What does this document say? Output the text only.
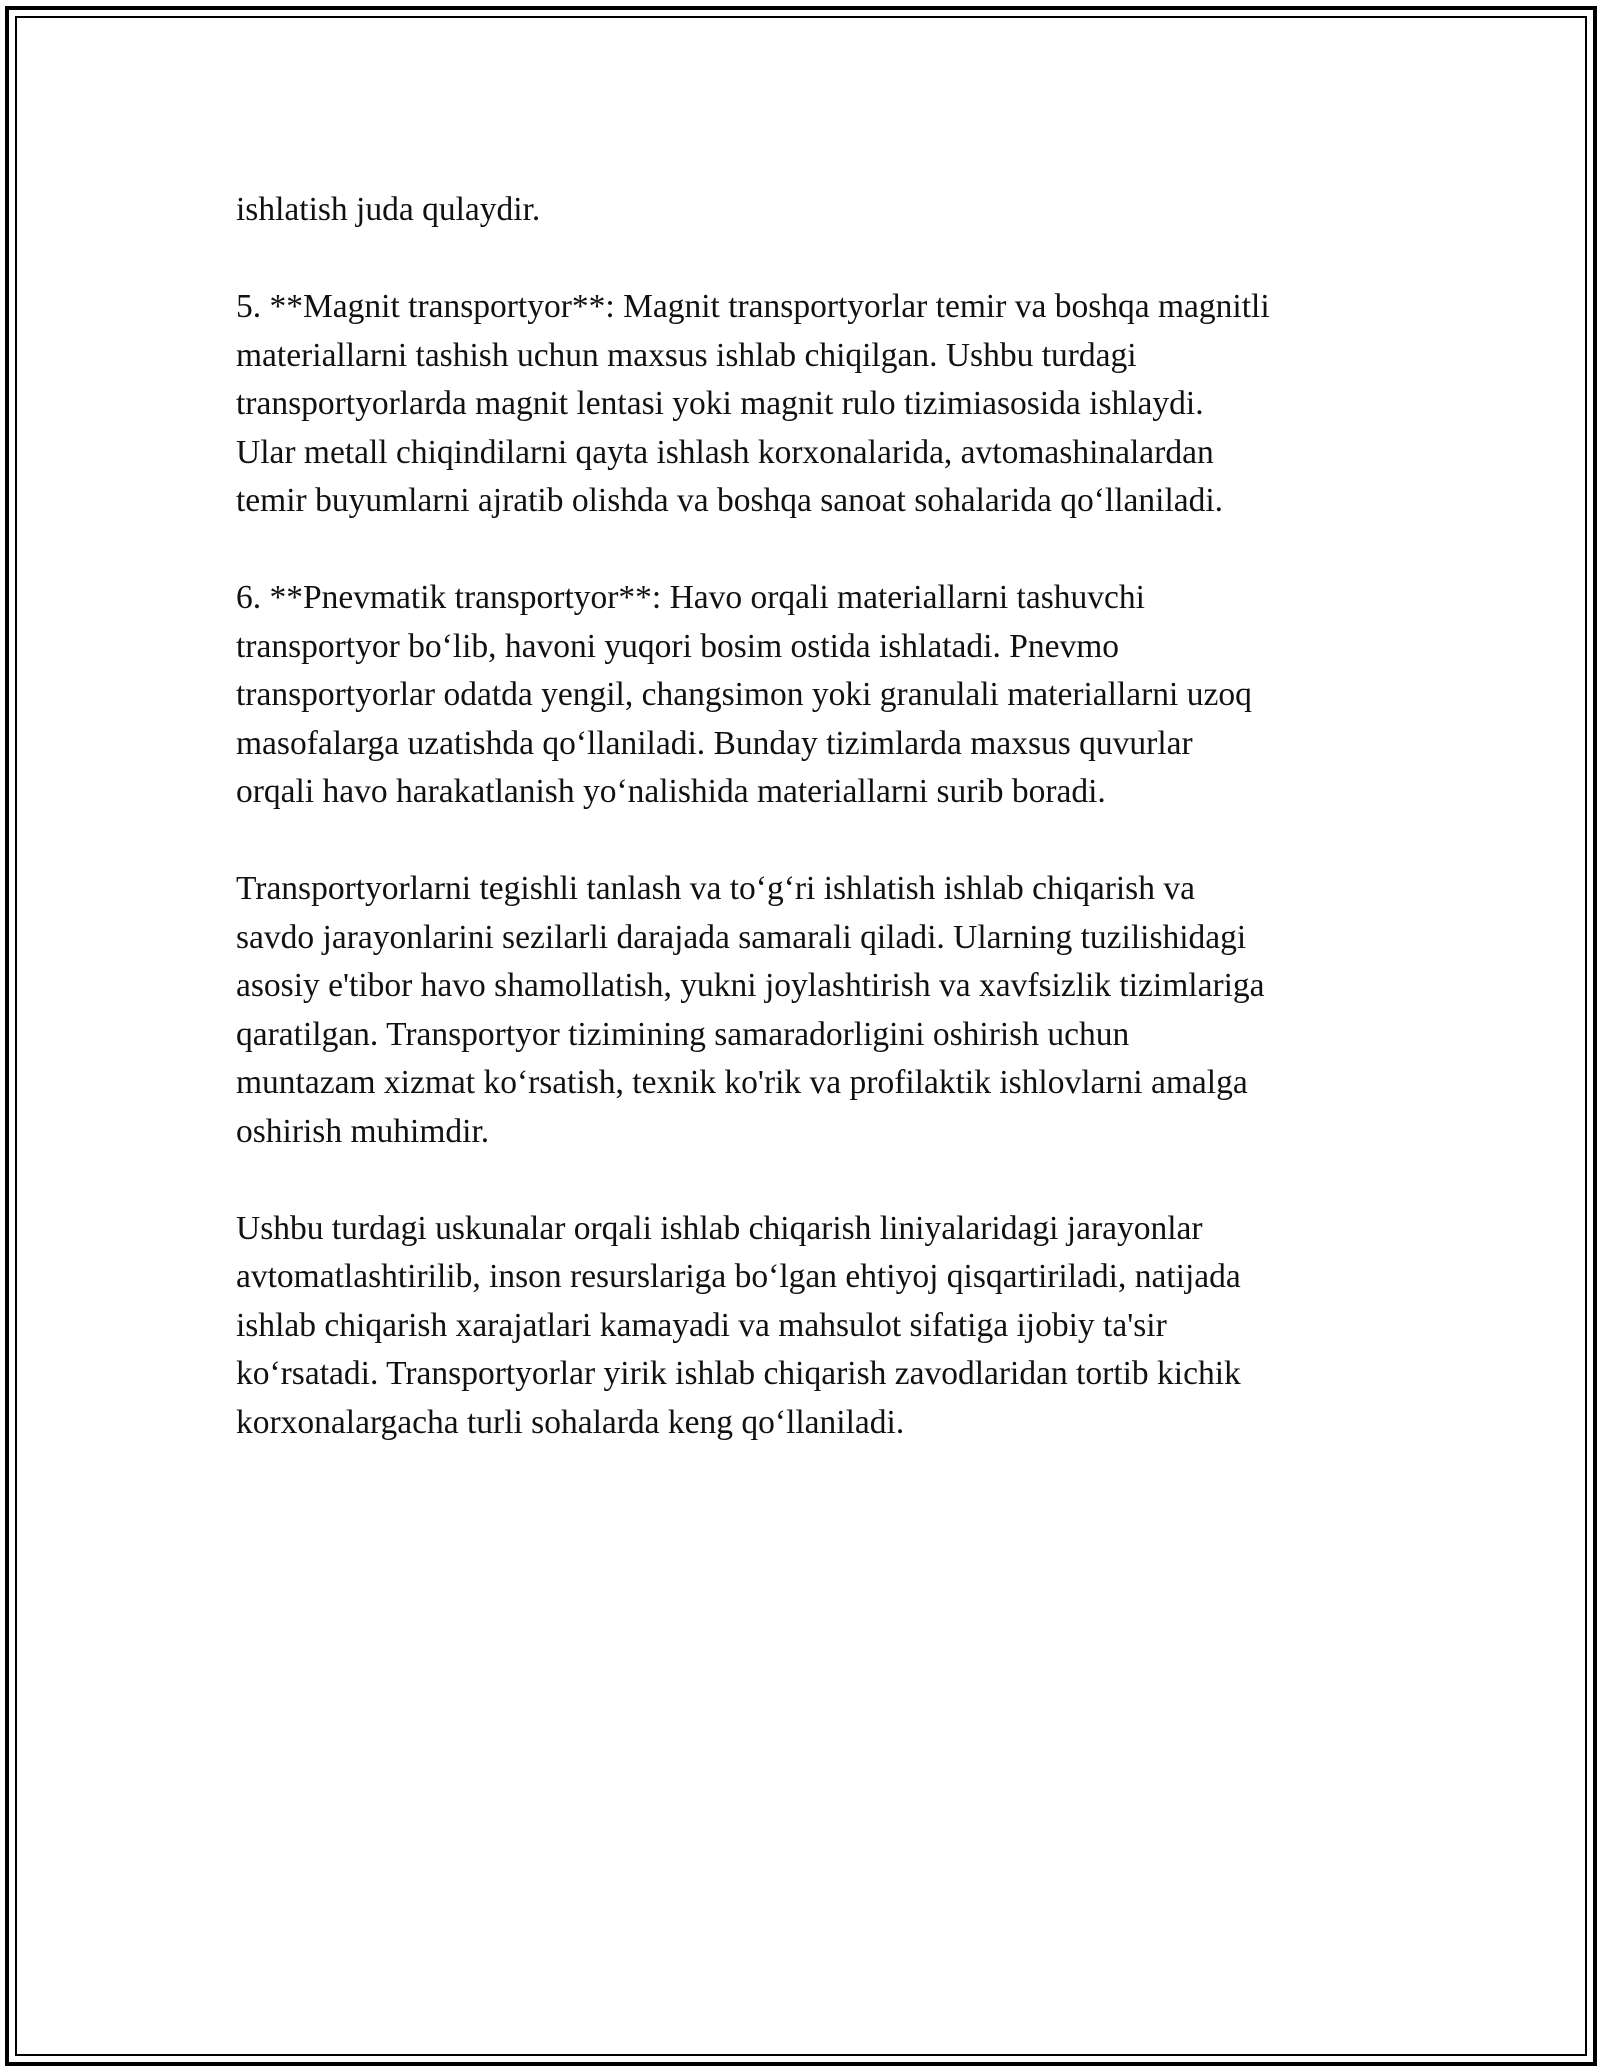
ishlatish juda qulaydir.

5. **Magnit transportyor**: Magnit transportyorlar temir va boshqa magnitli
materiallarni tashish uchun maxsus ishlab chiqilgan. Ushbu turdagi
transportyorlarda magnit lentasi yoki magnit rulo tizimiasosida ishlaydi.
Ular metall chiqindilarni qayta ishlash korxonalarida, avtomashinalardan
temir buyumlarni ajratib olishda va boshqa sanoat sohalarida qo‘llaniladi.

6. **Pnevmatik transportyor**: Havo orqali materiallarni tashuvchi
transportyor bo‘lib, havoni yuqori bosim ostida ishlatadi. Pnevmo
transportyorlar odatda yengil, changsimon yoki granulali materiallarni uzoq
masofalarga uzatishda qo‘llaniladi. Bunday tizimlarda maxsus quvurlar
orqali havo harakatlanish yo‘nalishida materiallarni surib boradi.

Transportyorlarni tegishli tanlash va to‘g‘ri ishlatish ishlab chiqarish va
savdo jarayonlarini sezilarli darajada samarali qiladi. Ularning tuzilishidagi
asosiy e'tibor havo shamollatish, yukni joylashtirish va xavfsizlik tizimlariga
qaratilgan. Transportyor tizimining samaradorligini oshirish uchun
muntazam xizmat ko‘rsatish, texnik ko'rik va profilaktik ishlovlarni amalga
oshirish muhimdir.

Ushbu turdagi uskunalar orqali ishlab chiqarish liniyalaridagi jarayonlar
avtomatlashtirilib, inson resurslariga bo‘lgan ehtiyoj qisqartiriladi, natijada
ishlab chiqarish xarajatlari kamayadi va mahsulot sifatiga ijobiy ta'sir
ko‘rsatadi. Transportyorlar yirik ishlab chiqarish zavodlaridan tortib kichik
korxonalargacha turli sohalarda keng qo‘llaniladi.
